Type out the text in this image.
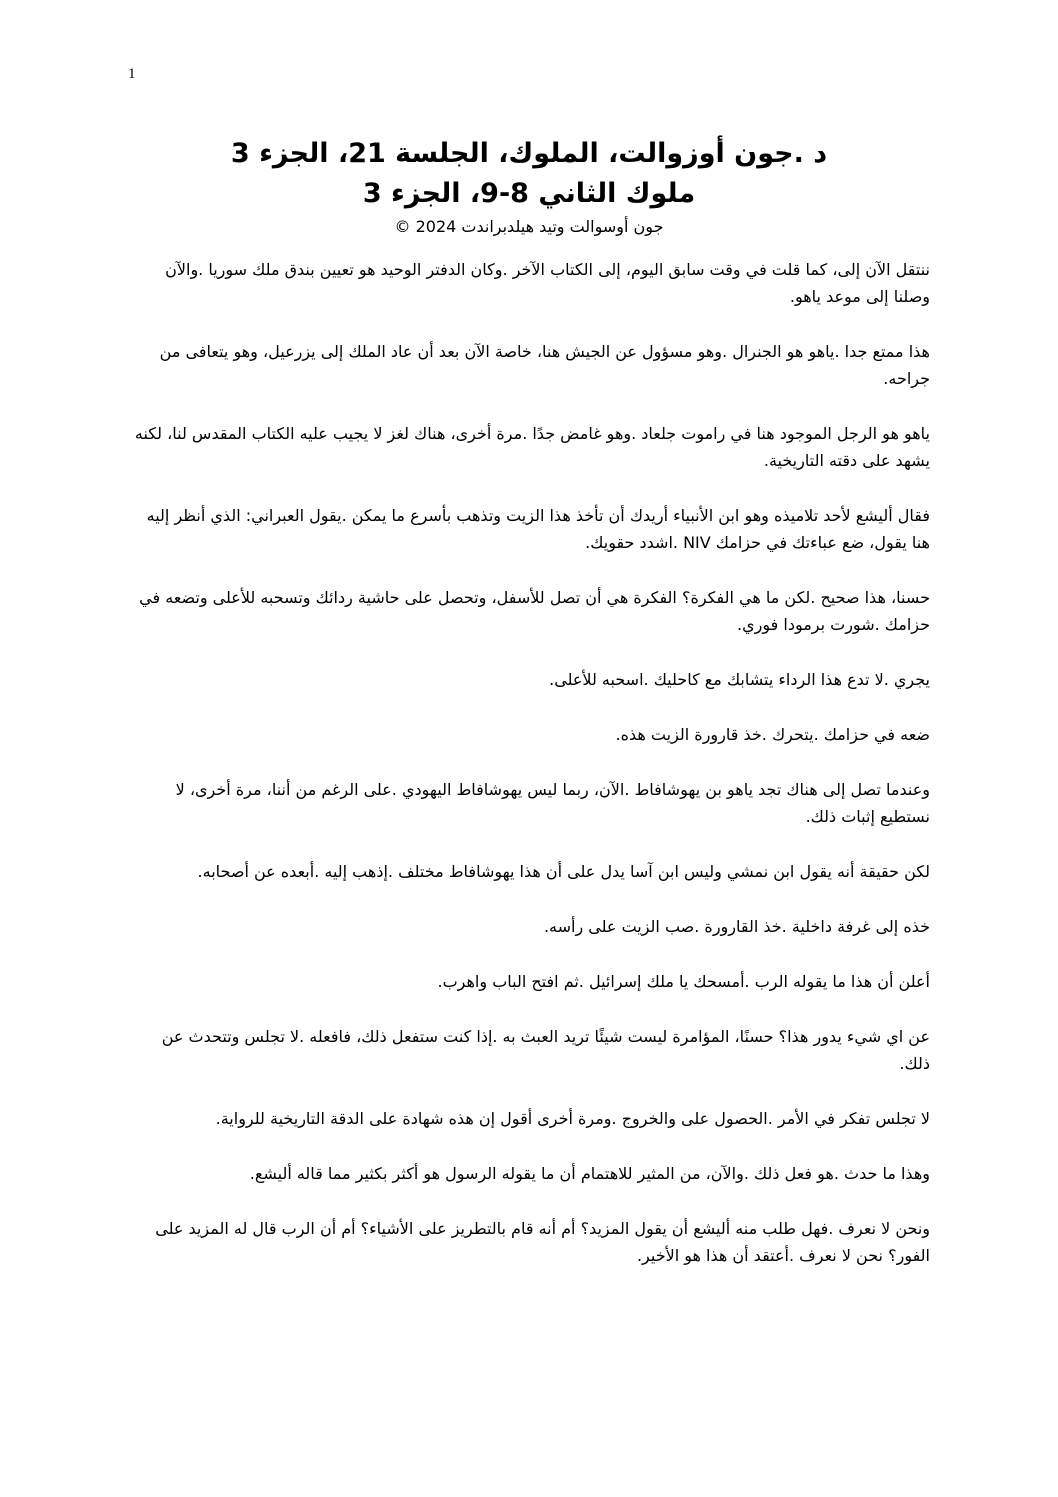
1
د .جون أوزوالت، الملوك، الجلسة 21، الجزء 3
ملوك الثاني 8-9، الجزء 3
جون أوسوالت وتيد هيلدبراندت 2024 ©

ننتقل الآن إلى، كما قلت في وقت سابق اليوم، إلى الكتاب الآخر .وكان الدفتر الوحيد هو تعيين بندق ملك سوريا .والآن وصلنا إلى موعد ياهو.

هذا ممتع جدا .ياهو هو الجنرال .وهو مسؤول عن الجيش هنا، خاصة الآن بعد أن عاد الملك إلى يزرعيل، وهو يتعافى من جراحه.

ياهو هو الرجل الموجود هنا في راموت جلعاد .وهو غامض جدًا .مرة أخرى، هناك لغز لا يجيب عليه الكتاب المقدس لنا، لكنه يشهد على دقته التاريخية.

فقال أليشع لأحد تلاميذه وهو ابن الأنبياء أريدك أن تأخذ هذا الزيت وتذهب بأسرع ما يمكن .يقول العبراني: الذي أنظر إليه هنا يقول، ضع عباءتك في حزامك NIV .اشدد حقويك.

حسنا، هذا صحيح .لكن ما هي الفكرة؟ الفكرة هي أن تصل للأسفل، وتحصل على حاشية ردائك وتسحبه للأعلى وتضعه في حزامك .شورت برمودا فوري.

يجري .لا تدع هذا الرداء يتشابك مع كاحليك .اسحبه للأعلى.

ضعه في حزامك .يتحرك .خذ قارورة الزيت هذه.

وعندما تصل إلى هناك تجد ياهو بن يهوشافاط .الآن، ربما ليس يهوشافاط اليهودي .على الرغم من أننا، مرة أخرى، لا نستطيع إثبات ذلك.

لكن حقيقة أنه يقول ابن نمشي وليس ابن آسا يدل على أن هذا يهوشافاط مختلف .إذهب إليه .أبعده عن أصحابه.

خذه إلى غرفة داخلية .خذ القارورة .صب الزيت على رأسه.

أعلن أن هذا ما يقوله الرب .أمسحك يا ملك إسرائيل .ثم افتح الباب واهرب.

عن اي شيء يدور هذا؟ حسنًا، المؤامرة ليست شيئًا تريد العبث به .إذا كنت ستفعل ذلك، فافعله .لا تجلس وتتحدث عن ذلك.

لا تجلس تفكر في الأمر .الحصول على والخروج .ومرة أخرى أقول إن هذه شهادة على الدقة التاريخية للرواية.

وهذا ما حدث .هو فعل ذلك .والآن، من المثير للاهتمام أن ما يقوله الرسول هو أكثر بكثير مما قاله أليشع.

ونحن لا نعرف .فهل طلب منه أليشع أن يقول المزيد؟ أم أنه قام بالتطريز على الأشياء؟ أم أن الرب قال له المزيد على الفور؟ نحن لا نعرف .أعتقد أن هذا هو الأخير.
